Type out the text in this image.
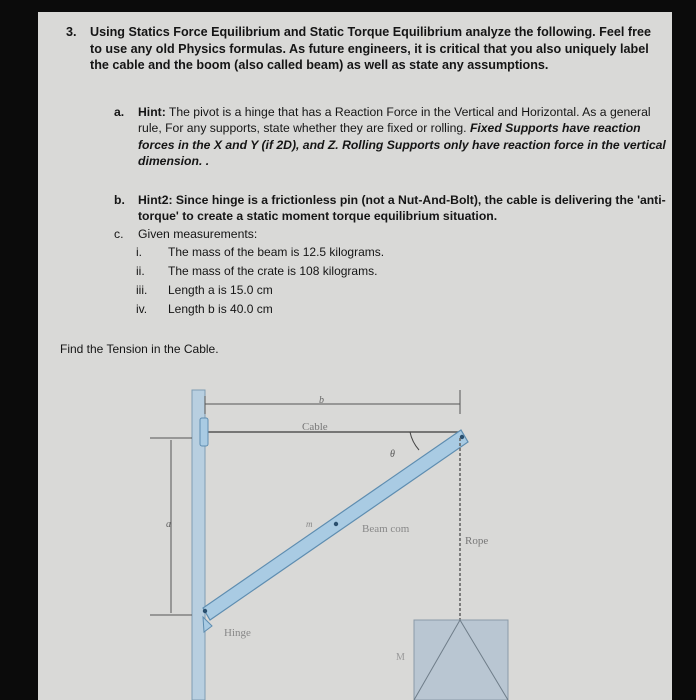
3. Using Statics Force Equilibrium and Static Torque Equilibrium analyze the following. Feel free to use any old Physics formulas. As future engineers, it is critical that you also uniquely label the cable and the boom (also called beam) as well as state any assumptions.
a. Hint: The pivot is a hinge that has a Reaction Force in the Vertical and Horizontal. As a general rule, For any supports, state whether they are fixed or rolling. Fixed Supports have reaction forces in the X and Y (if 2D), and Z. Rolling Supports only have reaction force in the vertical dimension. .
b. Hint2: Since hinge is a frictionless pin (not a Nut-And-Bolt), the cable is delivering the 'anti-torque' to create a static moment torque equilibrium situation.
c. Given measurements:
i.	The mass of the beam is 12.5 kilograms.
ii.	The mass of the crate is 108 kilograms.
iii.	Length a is 15.0 cm
iv.	Length b is 40.0 cm
Find the Tension in the Cable.
a
b
Cable
θ
m	Beam com
Hinge
Rope
M
